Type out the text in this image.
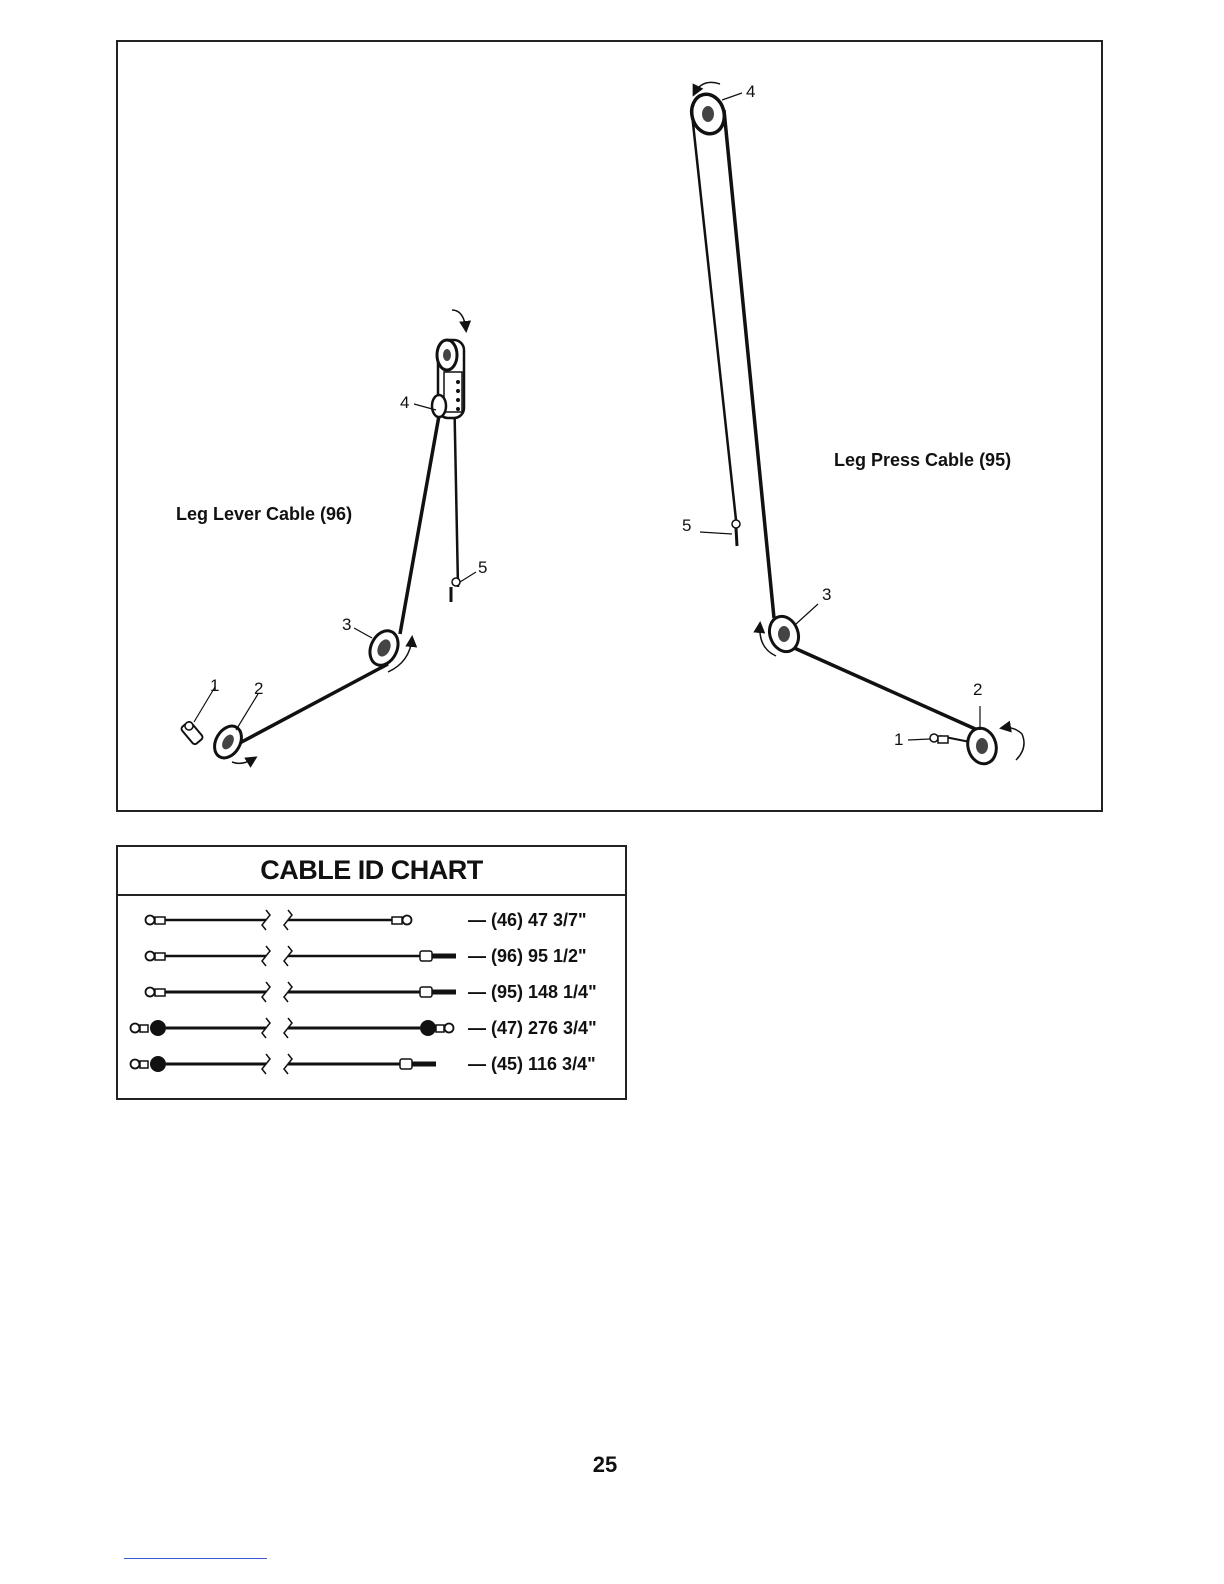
Leg Lever Cable (96)
Leg Press Cable (95)
1 2
3
4
5
1
2
3
4
5
CABLE ID CHART
— (46) 47 3/7"
— (96) 95 1/2"
— (95) 148 1/4"
— (47) 276 3/4"
— (45) 116 3/4"
25
